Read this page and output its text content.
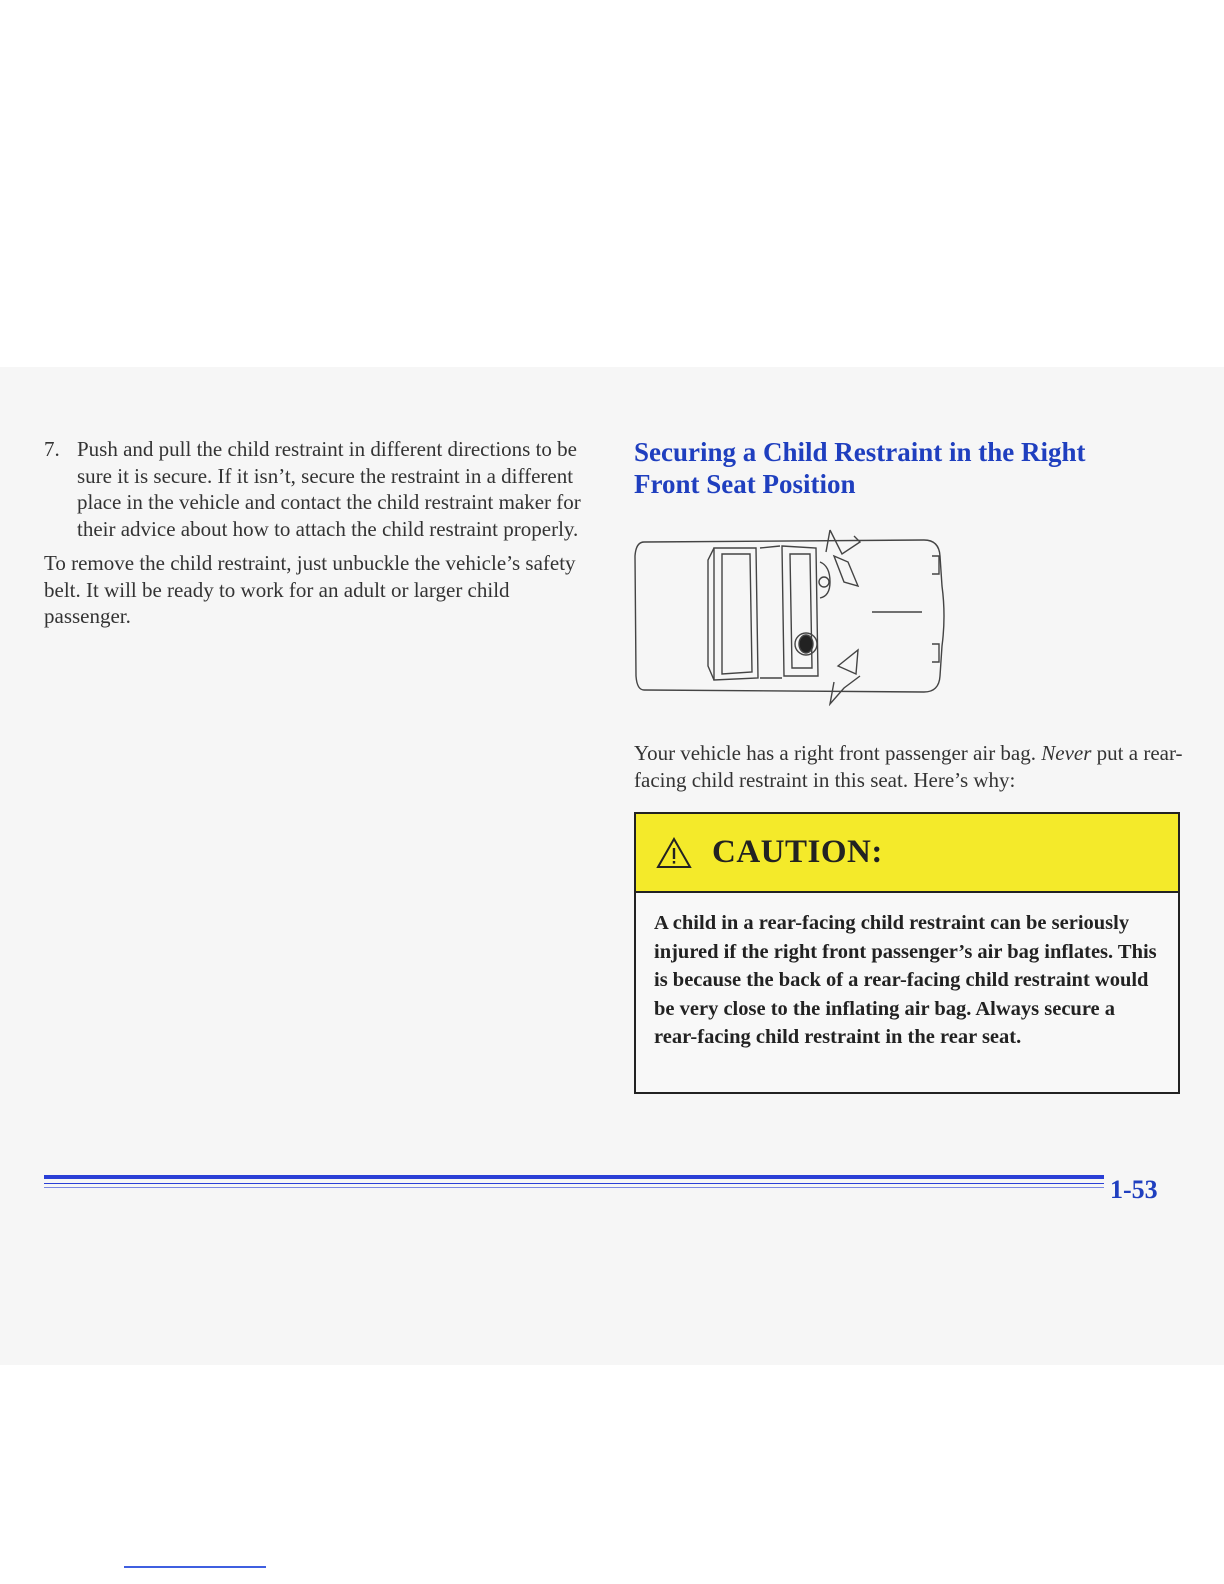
7. Push and pull the child restraint in different directions to be sure it is secure. If it isn’t, secure the restraint in a different place in the vehicle and contact the child restraint maker for their advice about how to attach the child restraint properly.
To remove the child restraint, just unbuckle the vehicle’s safety belt. It will be ready to work for an adult or larger child passenger.
Securing a Child Restraint in the Right
Front Seat Position
Your vehicle has a right front passenger air bag. Never put a rear-facing child restraint in this seat. Here’s why:
CAUTION:
A child in a rear-facing child restraint can be seriously injured if the right front passenger’s air bag inflates. This is because the back of a rear-facing child restraint would be very close to the inflating air bag. Always secure a rear-facing child restraint in the rear seat.
1-53
